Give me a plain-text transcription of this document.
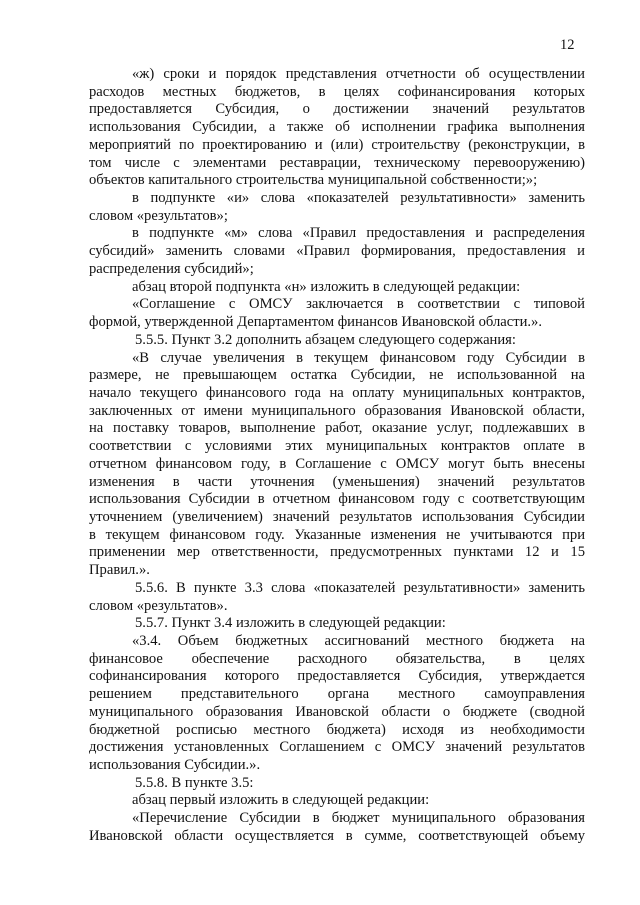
12
«ж) сроки и порядок представления отчетности об осуществлении
расходов местных бюджетов, в целях софинансирования которых
предоставляется Субсидия, о достижении значений результатов
использования Субсидии, а также об исполнении графика выполнения
мероприятий по проектированию и (или) строительству (реконструкции, в
том числе с элементами реставрации, техническому перевооружению)
объектов капитального строительства муниципальной собственности;»;
в подпункте «и» слова «показателей результативности» заменить
словом «результатов»;
в подпункте «м» слова «Правил предоставления и распределения
субсидий» заменить словами «Правил формирования, предоставления и
распределения субсидий»;
абзац второй подпункта «н» изложить в следующей редакции:
«Соглашение с ОМСУ заключается в соответствии с типовой
формой, утвержденной Департаментом финансов Ивановской области.».
5.5.5. Пункт 3.2 дополнить абзацем следующего содержания:
«В случае увеличения в текущем финансовом году Субсидии в
размере, не превышающем остатка Субсидии, не использованной на
начало текущего финансового года на оплату муниципальных контрактов,
заключенных от имени муниципального образования Ивановской области,
на поставку товаров, выполнение работ, оказание услуг, подлежавших в
соответствии с условиями этих муниципальных контрактов оплате в
отчетном финансовом году, в Соглашение с ОМСУ могут быть внесены
изменения в части уточнения (уменьшения) значений результатов
использования Субсидии в отчетном финансовом году с соответствующим
уточнением (увеличением) значений результатов использования Субсидии
в текущем финансовом году. Указанные изменения не учитываются при
применении мер ответственности, предусмотренных пунктами 12 и 15
Правил.».
5.5.6. В пункте 3.3 слова «показателей результативности» заменить
словом «результатов».
5.5.7. Пункт 3.4 изложить в следующей редакции:
«3.4. Объем бюджетных ассигнований местного бюджета на
финансовое обеспечение расходного обязательства, в целях
софинансирования которого предоставляется Субсидия, утверждается
решением представительного органа местного самоуправления
муниципального образования Ивановской области о бюджете (сводной
бюджетной росписью местного бюджета) исходя из необходимости
достижения установленных Соглашением с ОМСУ значений результатов
использования Субсидии.».
5.5.8. В пункте 3.5:
абзац первый изложить в следующей редакции:
«Перечисление Субсидии в бюджет муниципального образования
Ивановской области осуществляется в сумме, соответствующей объему
